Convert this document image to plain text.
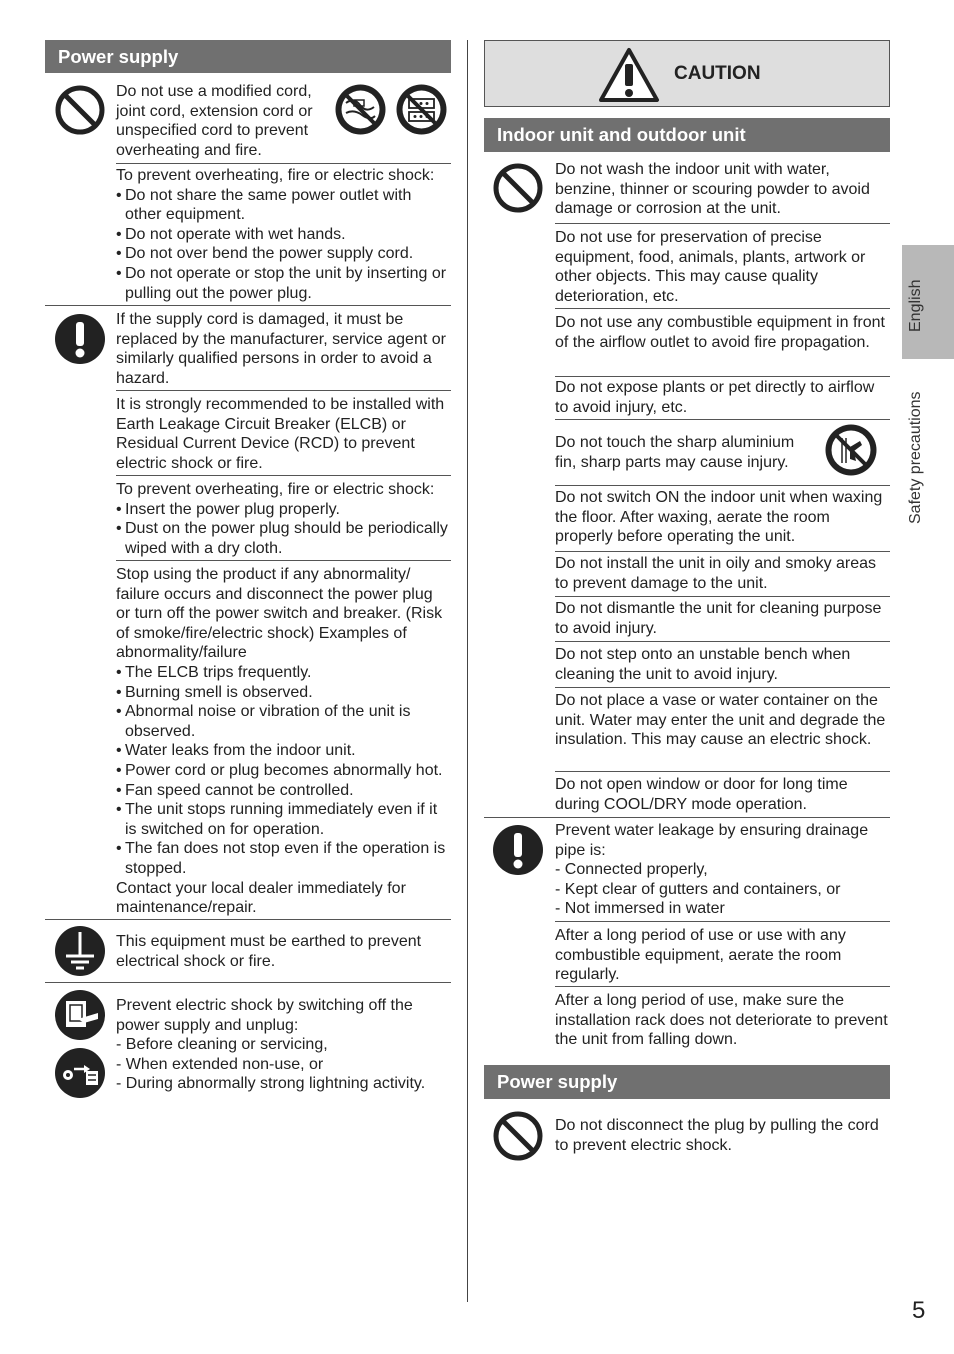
Power supply

Do not use a modified cord, joint cord, extension cord or unspecified cord to prevent overheating and fire.

To prevent overheating, fire or electric shock:

• Do not share the same power outlet with other equipment.

• Do not operate with wet hands.

• Do not over bend the power supply cord.

• Do not operate or stop the unit by inserting or pulling out the power plug.

If the supply cord is damaged, it must be replaced by the manufacturer, service agent or similarly qualified persons in order to avoid a hazard.

It is strongly recommended to be installed with Earth Leakage Circuit Breaker (ELCB) or Residual Current Device (RCD) to prevent electric shock or fire.

To prevent overheating, fire or electric shock:

• Insert the power plug properly.

• Dust on the power plug should be periodically wiped with a dry cloth.

Stop using the product if any abnormality/ failure occurs and disconnect the power plug or turn off the power switch and breaker. (Risk of smoke/fire/electric shock) Examples of abnormality/failure

• The ELCB trips frequently.

• Burning smell is observed.

• Abnormal noise or vibration of the unit is observed.

• Water leaks from the indoor unit.

• Power cord or plug becomes abnormally hot.

• Fan speed cannot be controlled.

• The unit stops running immediately even if it is switched on for operation.

• The fan does not stop even if the operation is stopped.

Contact your local dealer immediately for maintenance/repair.

This equipment must be earthed to prevent electrical shock or fire.

Prevent electric shock by switching off the power supply and unplug:

- Before cleaning or servicing,

- When extended non-use, or

- During abnormally strong lightning activity.

CAUTION
Indoor unit and outdoor unit

Do not wash the indoor unit with water, benzine, thinner or scouring powder to avoid damage or corrosion at the unit.

Do not use for preservation of precise equipment, food, animals, plants, artwork or other objects. This may cause quality deterioration, etc.

Do not use any combustible equipment in front of the airflow outlet to avoid fire propagation.

Do not expose plants or pet directly to airflow to avoid injury, etc.

Do not touch the sharp aluminium fin, sharp parts may cause injury.

Do not switch ON the indoor unit when waxing the floor. After waxing, aerate the room properly before operating the unit.

Do not install the unit in oily and smoky areas to prevent damage to the unit.

Do not dismantle the unit for cleaning purpose to avoid injury.

Do not step onto an unstable bench when cleaning the unit to avoid injury.

Do not place a vase or water container on the unit. Water may enter the unit and degrade the insulation. This may cause an electric shock.

Do not open window or door for long time during COOL/DRY mode operation.

Prevent water leakage by ensuring drainage pipe is:

- Connected properly,

- Kept clear of gutters and containers, or

- Not immersed in water

After a long period of use or use with any combustible equipment, aerate the room regularly.

After a long period of use, make sure the installation rack does not deteriorate to prevent the unit from falling down.

Power supply

Do not disconnect the plug by pulling the cord to prevent electric shock.

English
Safety precautions
5
